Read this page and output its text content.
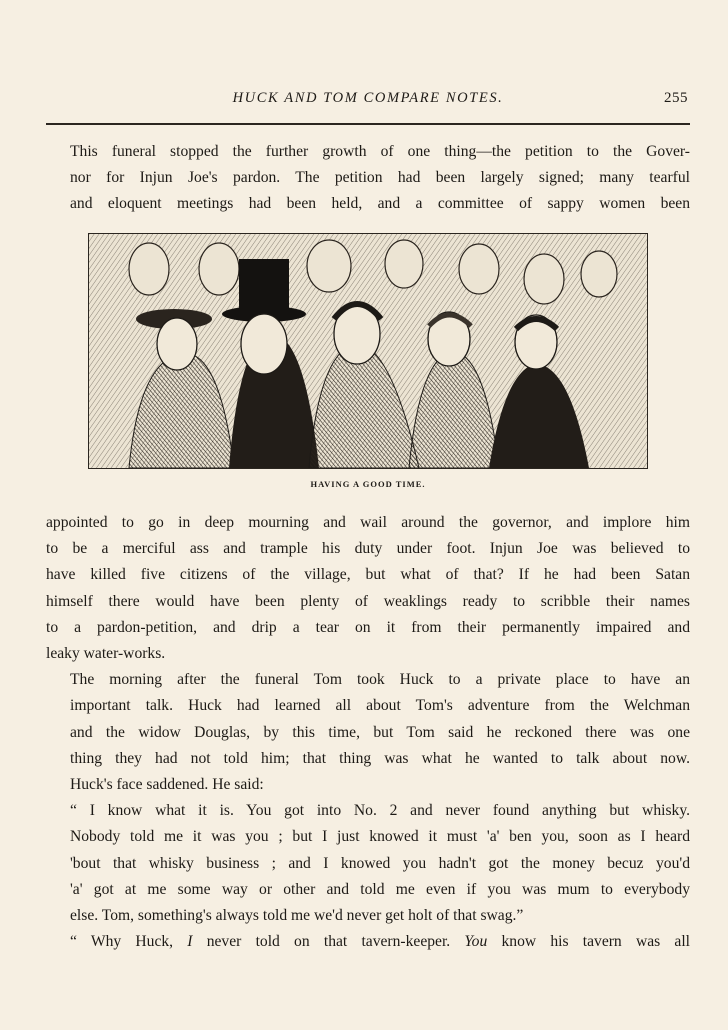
HUCK AND TOM COMPARE NOTES.	255

This funeral stopped the further growth of one thing—the petition to the Gover-
nor for Injun Joe's pardon. The petition had been largely signed; many tearful
and eloquent meetings had been held, and a committee of sappy women been

HAVING A GOOD TIME.

appointed to go in deep mourning and wail around the governor, and implore him
to be a merciful ass and trample his duty under foot. Injun Joe was believed to
have killed five citizens of the village, but what of that? If he had been Satan
himself there would have been plenty of weaklings ready to scribble their names
to a pardon-petition, and drip a tear on it from their permanently impaired and
leaky water-works.

The morning after the funeral Tom took Huck to a private place to have an
important talk. Huck had learned all about Tom's adventure from the Welchman
and the widow Douglas, by this time, but Tom said he reckoned there was one
thing they had not told him; that thing was what he wanted to talk about now.
Huck's face saddened. He said:

“ I know what it is. You got into No. 2 and never found anything but whisky.
Nobody told me it was you ; but I just knowed it must 'a' ben you, soon as I heard
'bout that whisky business ; and I knowed you hadn't got the money becuz you'd
'a' got at me some way or other and told me even if you was mum to everybody
else. Tom, something's always told me we'd never get holt of that swag.”

“ Why Huck, I never told on that tavern-keeper. You know his tavern was all
